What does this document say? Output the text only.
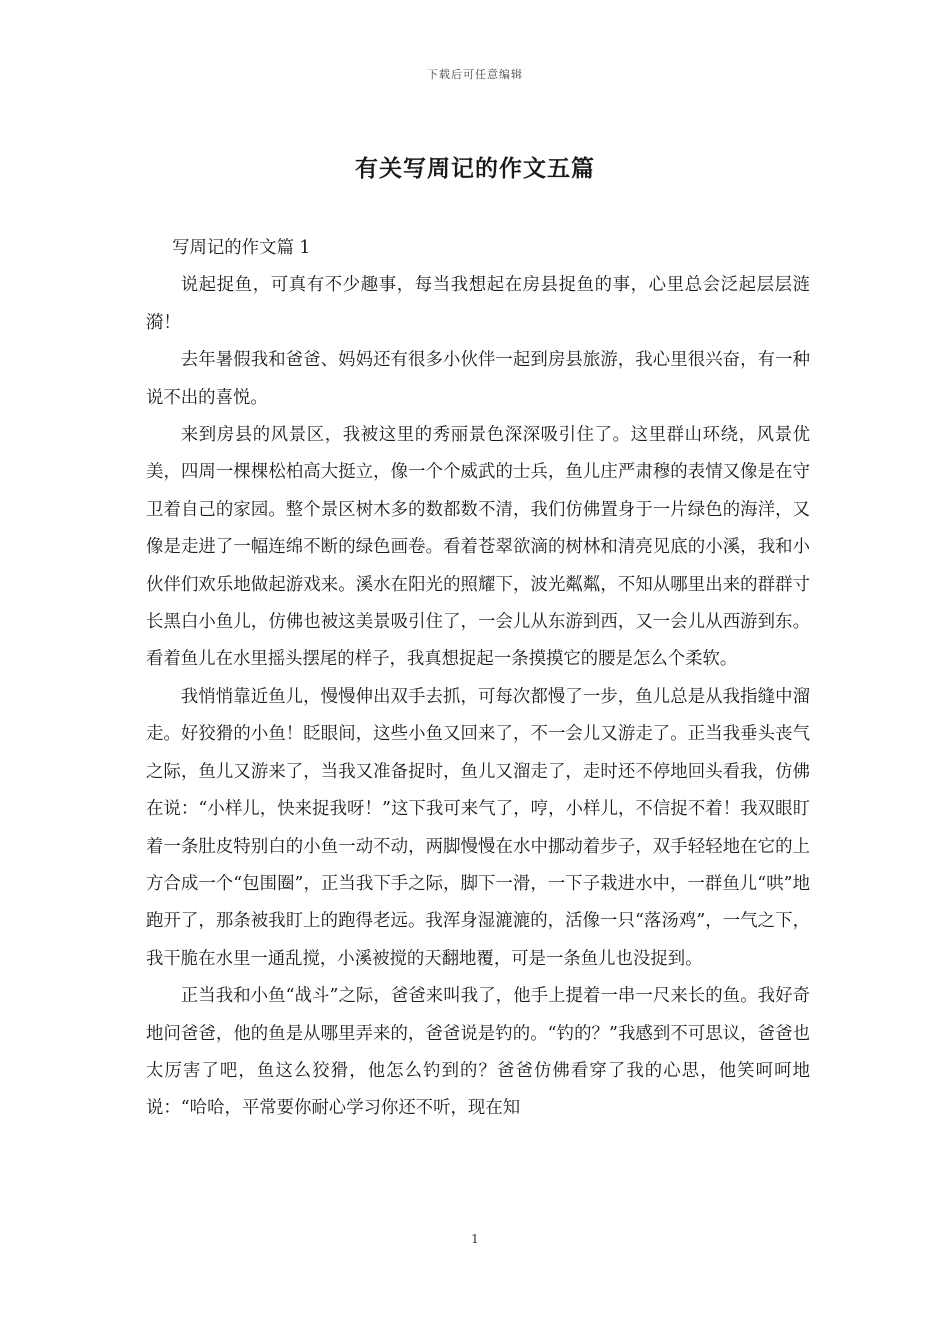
下载后可任意编辑
有关写周记的作文五篇

写周记的作文篇 1

说起捉鱼，可真有不少趣事，每当我想起在房县捉鱼的事，心里总会泛起层层涟漪！

去年暑假我和爸爸、妈妈还有很多小伙伴一起到房县旅游，我心里很兴奋，有一种说不出的喜悦。

来到房县的风景区，我被这里的秀丽景色深深吸引住了。这里群山环绕，风景优美，四周一棵棵松柏高大挺立，像一个个威武的士兵，鱼儿庄严肃穆的表情又像是在守卫着自己的家园。整个景区树木多的数都数不清，我们仿佛置身于一片绿色的海洋，又像是走进了一幅连绵不断的绿色画卷。看着苍翠欲滴的树林和清亮见底的小溪，我和小伙伴们欢乐地做起游戏来。溪水在阳光的照耀下，波光粼粼，不知从哪里出来的群群寸长黑白小鱼儿，仿佛也被这美景吸引住了，一会儿从东游到西，又一会儿从西游到东。看着鱼儿在水里摇头摆尾的样子，我真想捉起一条摸摸它的腰是怎么个柔软。

我悄悄靠近鱼儿，慢慢伸出双手去抓，可每次都慢了一步，鱼儿总是从我指缝中溜走。好狡猾的小鱼！眨眼间，这些小鱼又回来了，不一会儿又游走了。正当我垂头丧气之际，鱼儿又游来了，当我又准备捉时，鱼儿又溜走了，走时还不停地回头看我，仿佛在说：“小样儿，快来捉我呀！”这下我可来气了，哼，小样儿，不信捉不着！我双眼盯着一条肚皮特别白的小鱼一动不动，两脚慢慢在水中挪动着步子，双手轻轻地在它的上方合成一个“包围圈”，正当我下手之际，脚下一滑，一下子栽进水中，一群鱼儿“哄”地跑开了，那条被我盯上的跑得老远。我浑身湿漉漉的，活像一只“落汤鸡”，一气之下，我干脆在水里一通乱搅，小溪被搅的天翻地覆，可是一条鱼儿也没捉到。

正当我和小鱼“战斗”之际，爸爸来叫我了，他手上提着一串一尺来长的鱼。我好奇地问爸爸，他的鱼是从哪里弄来的，爸爸说是钓的。“钓的？”我感到不可思议，爸爸也太厉害了吧，鱼这么狡猾，他怎么钓到的？爸爸仿佛看穿了我的心思，他笑呵呵地说：“哈哈，平常要你耐心学习你还不听，现在知

1
